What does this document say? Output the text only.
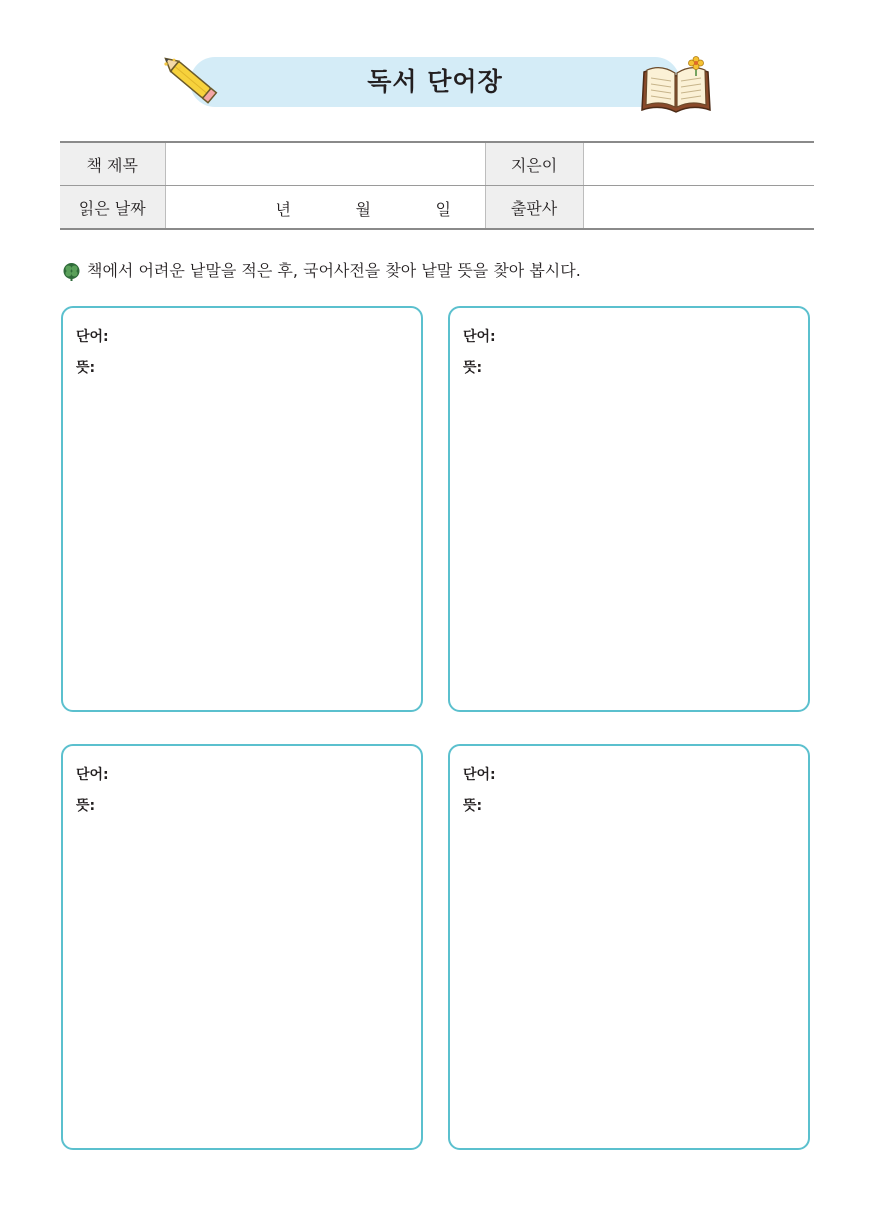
독서 단어장
책 제목		지은이	
읽은 날짜	년 월 일	출판사	
책에서 어려운 낱말을 적은 후, 국어사전을 찾아 낱말 뜻을 찾아 봅시다.
단어:
뜻:
단어:
뜻:
단어:
뜻:
단어:
뜻:
